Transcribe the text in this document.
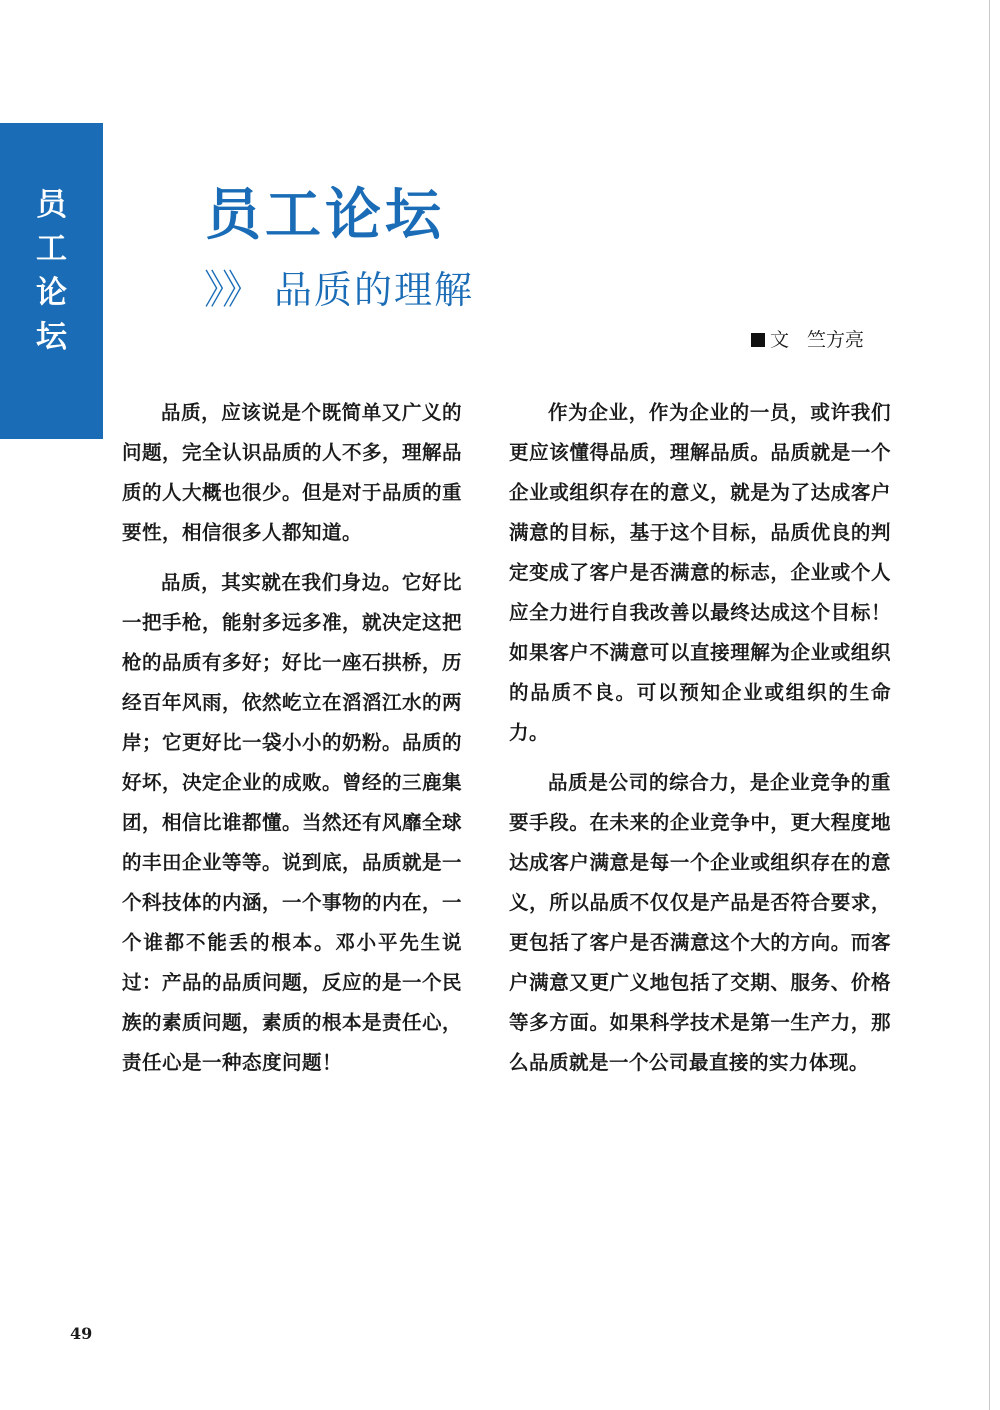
员
工
论
坛
员工论坛
》》 品质的理解
文 竺方亮

品质，应该说是个既简单又广义的问题，完全认识品质的人不多，理解品质的人大概也很少。但是对于品质的重要性，相信很多人都知道。

品质，其实就在我们身边。它好比一把手枪，能射多远多准，就决定这把枪的品质有多好；好比一座石拱桥，历经百年风雨，依然屹立在滔滔江水的两岸；它更好比一袋小小的奶粉。品质的好坏，决定企业的成败。曾经的三鹿集团，相信比谁都懂。当然还有风靡全球的丰田企业等等。说到底，品质就是一个科技体的内涵，一个事物的内在，一个谁都不能丢的根本。邓小平先生说过：产品的品质问题，反应的是一个民族的素质问题，素质的根本是责任心，责任心是一种态度问题！

作为企业，作为企业的一员，或许我们更应该懂得品质，理解品质。品质就是一个企业或组织存在的意义，就是为了达成客户满意的目标，基于这个目标，品质优良的判定变成了客户是否满意的标志，企业或个人应全力进行自我改善以最终达成这个目标！如果客户不满意可以直接理解为企业或组织的品质不良。可以预知企业或组织的生命力。

品质是公司的综合力，是企业竞争的重要手段。在未来的企业竞争中，更大程度地达成客户满意是每一个企业或组织存在的意义，所以品质不仅仅是产品是否符合要求，更包括了客户是否满意这个大的方向。而客户满意又更广义地包括了交期、服务、价格等多方面。如果科学技术是第一生产力，那么品质就是一个公司最直接的实力体现。

49
